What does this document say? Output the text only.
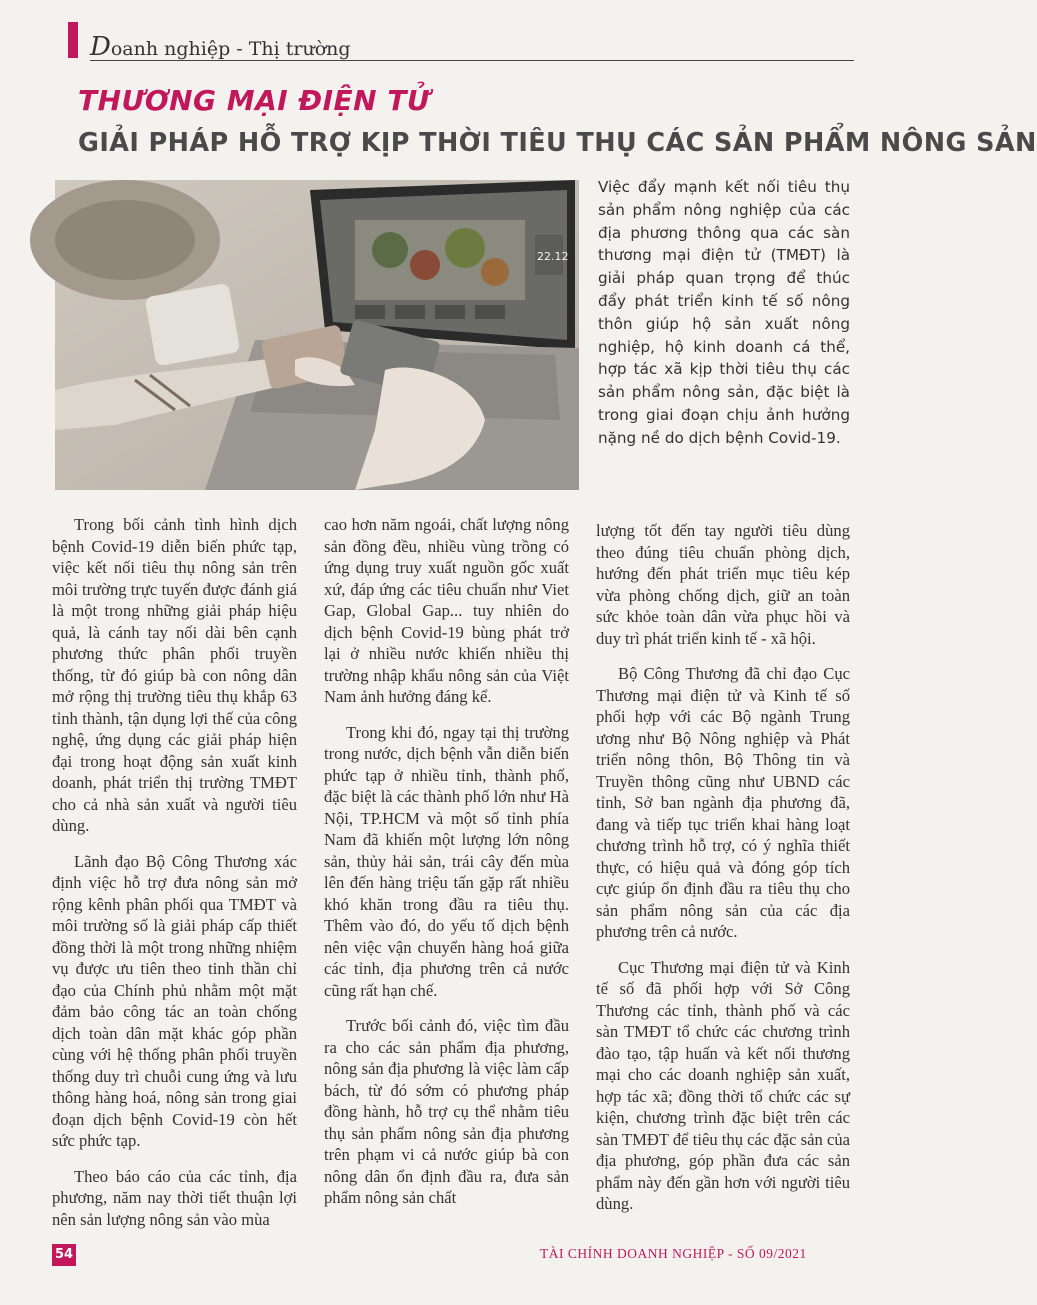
Doanh nghiệp - Thị trường
THƯƠNG MẠI ĐIỆN TỬ
GIẢI PHÁP HỖ TRỢ KỊP THỜI TIÊU THỤ CÁC SẢN PHẨM NÔNG SẢN
22.12
Việc đẩy mạnh kết nối tiêu thụ sản phẩm nông nghiệp của các địa phương thông qua các sàn thương mại điện tử (TMĐT) là giải pháp quan trọng để thúc đẩy phát triển kinh tế số nông thôn giúp hộ sản xuất nông nghiệp, hộ kinh doanh cá thể, hợp tác xã kịp thời tiêu thụ các sản phẩm nông sản, đặc biệt là trong giai đoạn chịu ảnh hưởng nặng nề do dịch bệnh Covid-19.

Trong bối cảnh tình hình dịch bệnh Covid-19 diễn biến phức tạp, việc kết nối tiêu thụ nông sản trên môi trường trực tuyến được đánh giá là một trong những giải pháp hiệu quả, là cánh tay nối dài bên cạnh phương thức phân phối truyền thống, từ đó giúp bà con nông dân mở rộng thị trường tiêu thụ khắp 63 tỉnh thành, tận dụng lợi thế của công nghệ, ứng dụng các giải pháp hiện đại trong hoạt động sản xuất kinh doanh, phát triển thị trường TMĐT cho cả nhà sản xuất và người tiêu dùng.

Lãnh đạo Bộ Công Thương xác định việc hỗ trợ đưa nông sản mở rộng kênh phân phối qua TMĐT và môi trường số là giải pháp cấp thiết đồng thời là một trong những nhiệm vụ được ưu tiên theo tinh thần chỉ đạo của Chính phủ nhằm một mặt đảm bảo công tác an toàn chống dịch toàn dân mặt khác góp phần cùng với hệ thống phân phối truyền thống duy trì chuỗi cung ứng và lưu thông hàng hoá, nông sản trong giai đoạn dịch bệnh Covid-19 còn hết sức phức tạp.

Theo báo cáo của các tỉnh, địa phương, năm nay thời tiết thuận lợi nên sản lượng nông sản vào mùa

cao hơn năm ngoái, chất lượng nông sản đồng đều, nhiều vùng trồng có ứng dụng truy xuất nguồn gốc xuất xứ, đáp ứng các tiêu chuẩn như Viet Gap, Global Gap... tuy nhiên do dịch bệnh Covid-19 bùng phát trở lại ở nhiều nước khiến nhiều thị trường nhập khẩu nông sản của Việt Nam ảnh hưởng đáng kể.

Trong khi đó, ngay tại thị trường trong nước, dịch bệnh vẫn diễn biến phức tạp ở nhiều tỉnh, thành phố, đặc biệt là các thành phố lớn như Hà Nội, TP.HCM và một số tỉnh phía Nam đã khiến một lượng lớn nông sản, thủy hải sản, trái cây đến mùa lên đến hàng triệu tấn gặp rất nhiều khó khăn trong đầu ra tiêu thụ. Thêm vào đó, do yếu tố dịch bệnh nên việc vận chuyển hàng hoá giữa các tỉnh, địa phương trên cả nước cũng rất hạn chế.

Trước bối cảnh đó, việc tìm đầu ra cho các sản phẩm địa phương, nông sản địa phương là việc làm cấp bách, từ đó sớm có phương pháp đồng hành, hỗ trợ cụ thể nhằm tiêu thụ sản phẩm nông sản địa phương trên phạm vi cả nước giúp bà con nông dân ổn định đầu ra, đưa sản phẩm nông sản chất

lượng tốt đến tay người tiêu dùng theo đúng tiêu chuẩn phòng dịch, hướng đến phát triển mục tiêu kép vừa phòng chống dịch, giữ an toàn sức khỏe toàn dân vừa phục hồi và duy trì phát triển kinh tế - xã hội.

Bộ Công Thương đã chỉ đạo Cục Thương mại điện tử và Kinh tế số phối hợp với các Bộ ngành Trung ương như Bộ Nông nghiệp và Phát triển nông thôn, Bộ Thông tin và Truyền thông cũng như UBND các tỉnh, Sở ban ngành địa phương đã, đang và tiếp tục triển khai hàng loạt chương trình hỗ trợ, có ý nghĩa thiết thực, có hiệu quả và đóng góp tích cực giúp ổn định đầu ra tiêu thụ cho sản phẩm nông sản của các địa phương trên cả nước.

Cục Thương mại điện tử và Kinh tế số đã phối hợp với Sở Công Thương các tỉnh, thành phố và các sàn TMĐT tổ chức các chương trình đào tạo, tập huấn và kết nối thương mại cho các doanh nghiệp sản xuất, hợp tác xã; đồng thời tổ chức các sự kiện, chương trình đặc biệt trên các sàn TMĐT để tiêu thụ các đặc sản của địa phương, góp phần đưa các sản phẩm này đến gần hơn với người tiêu dùng.

54	TÀI CHÍNH DOANH NGHIỆP - SỐ 09/2021
